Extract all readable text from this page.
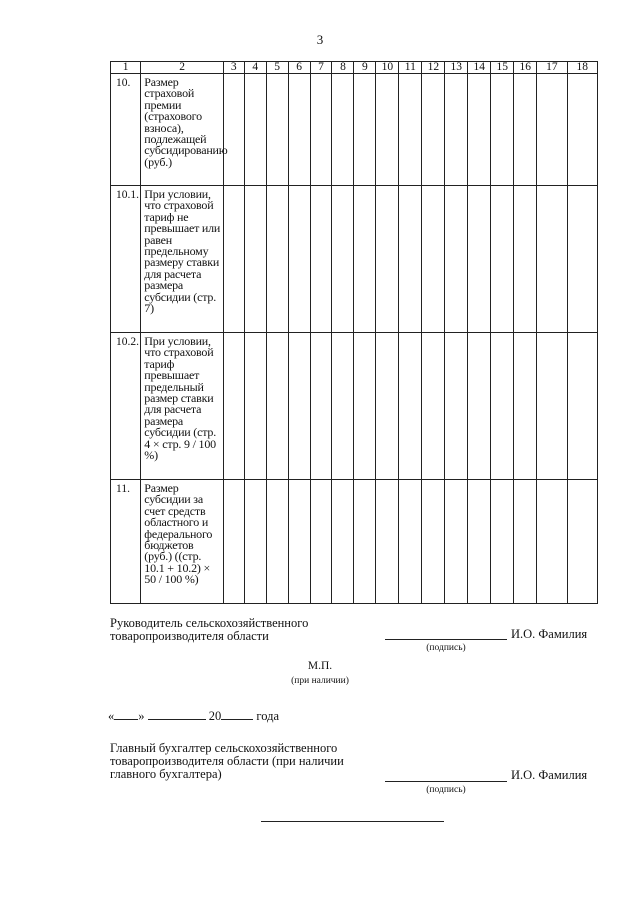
3
1	2	3	4	5	6	7	8	9	10	11	12	13	14	15	16	17	18
10.	Размер страховой премии (страхового взноса), подлежащей субсидированию (руб.)																
10.1.	При условии, что страховой тариф не превышает или равен предельному размеру ставки для расчета размера субсидии (стр. 7)																
10.2.	При условии, что страховой тариф превышает предельный размер ставки для расчета размера субсидии (стр. 4 × стр. 9 / 100 %)																
11.	Размер субсидии за счет средств областного и федерального бюджетов (руб.) ((стр. 10.1 + 10.2) × 50 / 100 %)																
Руководитель сельскохозяйственного
товаропроизводителя области	И.О. Фамилия
(подпись)
М.П.
(при наличии)
« »	20	года
Главный бухгалтер сельскохозяйственного
товаропроизводителя области (при наличии
главного бухгалтера)	И.О. Фамилия
(подпись)
